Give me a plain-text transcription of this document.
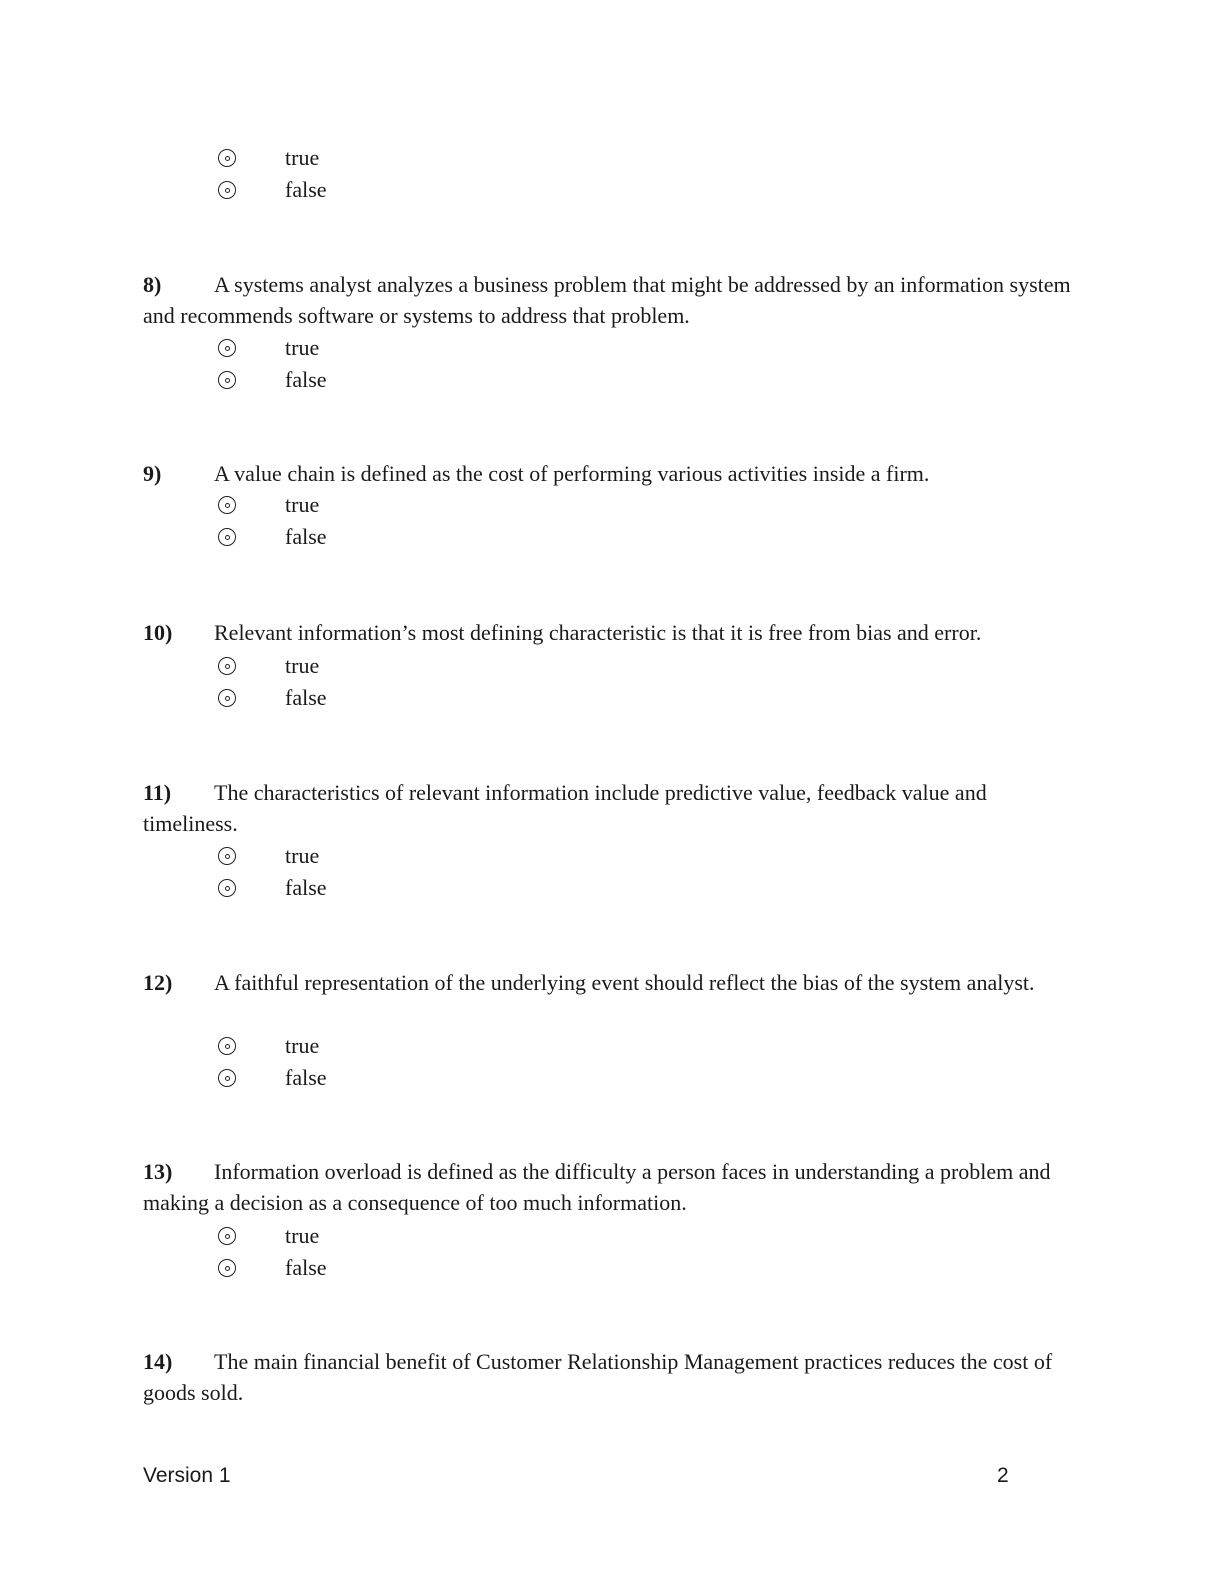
true
false
8) A systems analyst analyzes a business problem that might be addressed by an information system and recommends software or systems to address that problem.
true
false
9) A value chain is defined as the cost of performing various activities inside a firm.
true
false
10) Relevant information’s most defining characteristic is that it is free from bias and error.
true
false
11) The characteristics of relevant information include predictive value, feedback value and timeliness.
true
false
12) A faithful representation of the underlying event should reflect the bias of the system analyst.
true
false
13) Information overload is defined as the difficulty a person faces in understanding a problem and making a decision as a consequence of too much information.
true
false
14) The main financial benefit of Customer Relationship Management practices reduces the cost of goods sold.
Version 1	2
